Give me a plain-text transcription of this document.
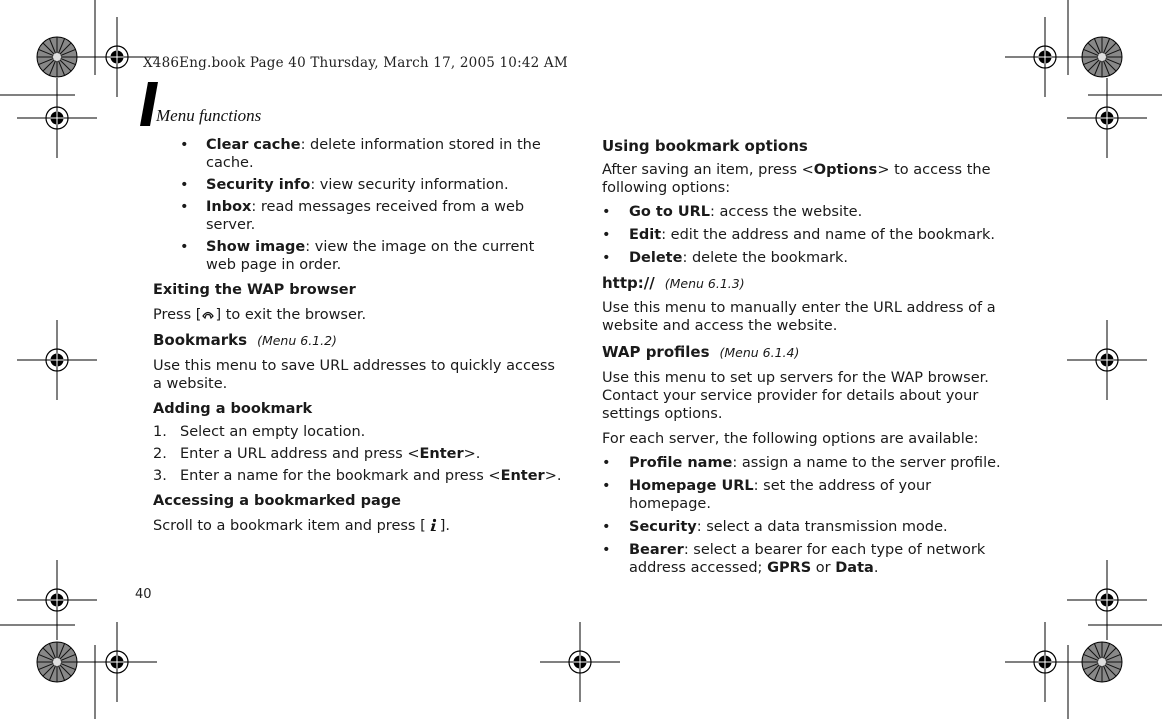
X486Eng.book Page 40 Thursday, March 17, 2005 10:42 AM
Menu functions
•	Clear cache: delete information stored in the cache.
•	Security info: view security information.
•	Inbox: read messages received from a web server.
•	Show image: view the image on the current web page in order.
Exiting the WAP browser
Press [ ] to exit the browser.
Bookmarks (Menu 6.1.2)
Use this menu to save URL addresses to quickly access a website.
Adding a bookmark
1. Select an empty location.
2. Enter a URL address and press <Enter>.
3. Enter a name for the bookmark and press <Enter>.
Accessing a bookmarked page
Scroll to a bookmark item and press [ ].
Using bookmark options
After saving an item, press <Options> to access the following options:
•	Go to URL: access the website.
•	Edit: edit the address and name of the bookmark.
•	Delete: delete the bookmark.
http:// (Menu 6.1.3)
Use this menu to manually enter the URL address of a website and access the website.
WAP profiles (Menu 6.1.4)
Use this menu to set up servers for the WAP browser. Contact your service provider for details about your settings options.
For each server, the following options are available:
•	Profile name: assign a name to the server profile.
•	Homepage URL: set the address of your homepage.
•	Security: select a data transmission mode.
•	Bearer: select a bearer for each type of network address accessed; GPRS or Data.
40
